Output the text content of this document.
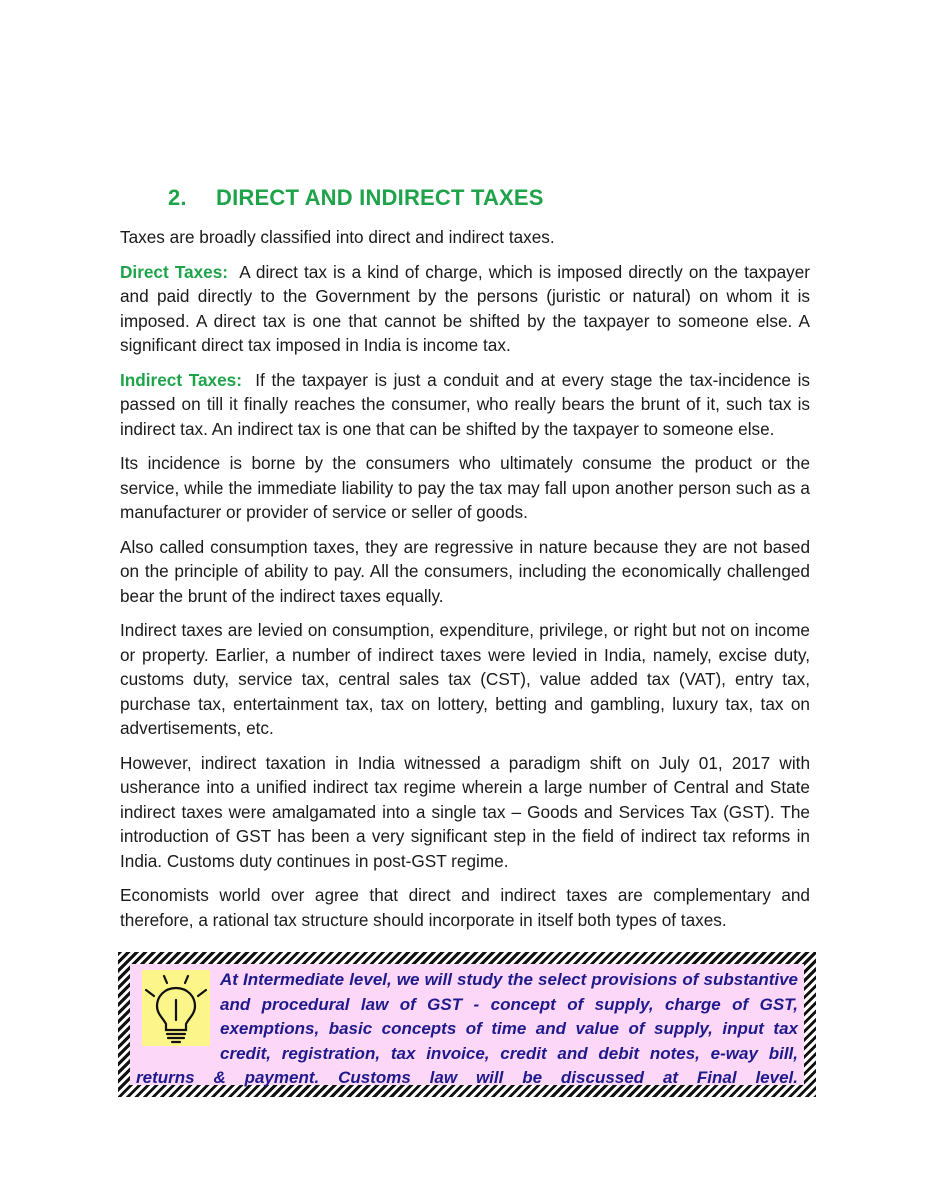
2. DIRECT AND INDIRECT TAXES

Taxes are broadly classified into direct and indirect taxes.

Direct Taxes: A direct tax is a kind of charge, which is imposed directly on the taxpayer and paid directly to the Government by the persons (juristic or natural) on whom it is imposed. A direct tax is one that cannot be shifted by the taxpayer to someone else. A significant direct tax imposed in India is income tax.

Indirect Taxes: If the taxpayer is just a conduit and at every stage the tax-incidence is passed on till it finally reaches the consumer, who really bears the brunt of it, such tax is indirect tax. An indirect tax is one that can be shifted by the taxpayer to someone else.

Its incidence is borne by the consumers who ultimately consume the product or the service, while the immediate liability to pay the tax may fall upon another person such as a manufacturer or provider of service or seller of goods.

Also called consumption taxes, they are regressive in nature because they are not based on the principle of ability to pay. All the consumers, including the economically challenged bear the brunt of the indirect taxes equally.

Indirect taxes are levied on consumption, expenditure, privilege, or right but not on income or property. Earlier, a number of indirect taxes were levied in India, namely, excise duty, customs duty, service tax, central sales tax (CST), value added tax (VAT), entry tax, purchase tax, entertainment tax, tax on lottery, betting and gambling, luxury tax, tax on advertisements, etc.

However, indirect taxation in India witnessed a paradigm shift on July 01, 2017 with usherance into a unified indirect tax regime wherein a large number of Central and State indirect taxes were amalgamated into a single tax – Goods and Services Tax (GST). The introduction of GST has been a very significant step in the field of indirect tax reforms in India. Customs duty continues in post-GST regime.

Economists world over agree that direct and indirect taxes are complementary and therefore, a rational tax structure should incorporate in itself both types of taxes.

At Intermediate level, we will study the select provisions of substantive and procedural law of GST - concept of supply, charge of GST, exemptions, basic concepts of time and value of supply, input tax credit, registration, tax invoice, credit and debit notes, e-way bill, returns & payment. Customs law will be discussed at Final level.
